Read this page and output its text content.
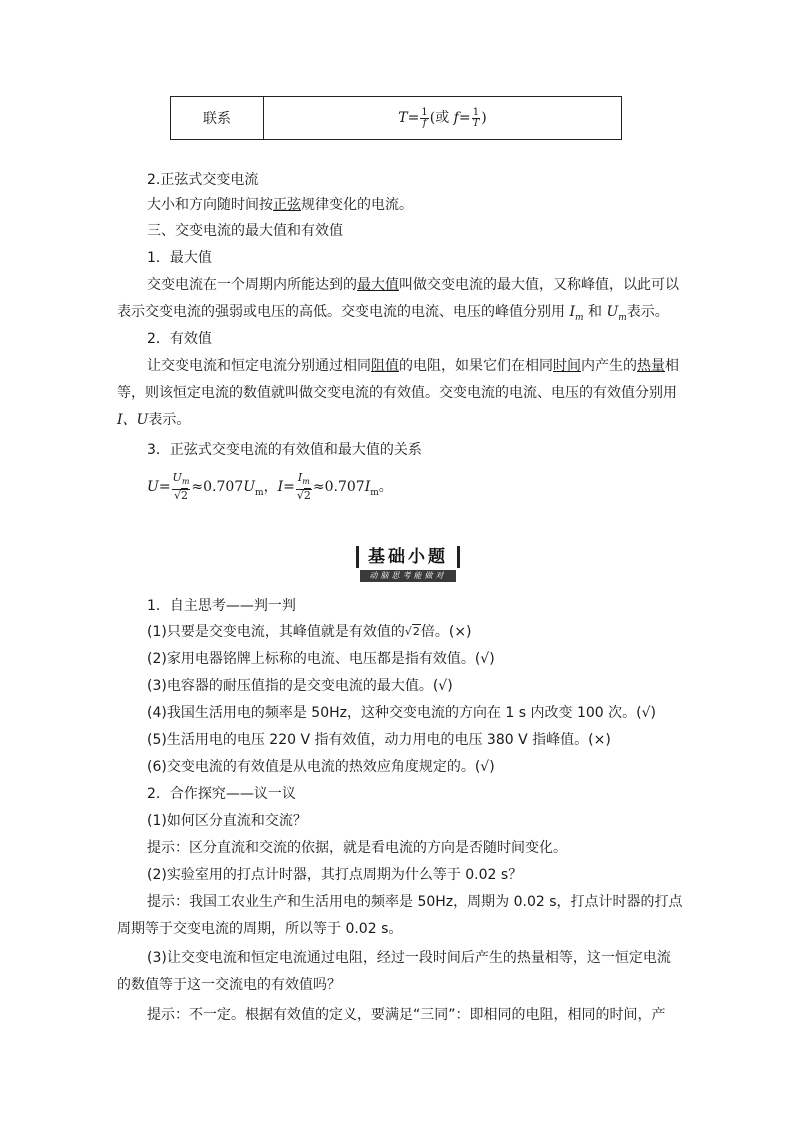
联系	$T= \frac{1}{f}$ (或 $f= \frac{1}{T}$ )
2.正弦式交变电流
大小和方向随时间按正弦规律变化的电流。
三、交变电流的最大值和有效值
1．最大值
交变电流在一个周期内所能达到的最大值叫做交变电流的最大值，又称峰值，以此可以
表示交变电流的强弱或电压的高低。交变电流的电流、电压的峰值分别用 $I_m$ 和 $U_m$表示。
2．有效值
让交变电流和恒定电流分别通过相同阻值的电阻，如果它们在相同时间内产生的热量相
等，则该恒定电流的数值就叫做交变电流的有效值。交变电流的电流、电压的有效值分别用
I、U表示。
3．正弦式交变电流的有效值和最大值的关系
$U= \frac{U_m}{√2} \approx 0.707U_m$，$I= \frac{I_m}{√2} \approx 0.707I_m$。
基础小题
动脑思考能做对
1．自主思考——判一判
(1)只要是交变电流，其峰值就是有效值的√2倍。(×)
(2)家用电器铭牌上标称的电流、电压都是指有效值。(√)
(3)电容器的耐压值指的是交变电流的最大值。(√)
(4)我国生活用电的频率是 50Hz，这种交变电流的方向在 1 s 内改变 100 次。(√)
(5)生活用电的电压 220 V 指有效值，动力用电的电压 380 V 指峰值。(×)
(6)交变电流的有效值是从电流的热效应角度规定的。(√)
2．合作探究——议一议
(1)如何区分直流和交流？
提示：区分直流和交流的依据，就是看电流的方向是否随时间变化。
(2)实验室用的打点计时器，其打点周期为什么等于 0.02 s？
提示：我国工农业生产和生活用电的频率是 50Hz，周期为 0.02 s，打点计时器的打点
周期等于交变电流的周期，所以等于 0.02 s。
(3)让交变电流和恒定电流通过电阻，经过一段时间后产生的热量相等，这一恒定电流
的数值等于这一交流电的有效值吗？
提示：不一定。根据有效值的定义，要满足“三同”：即相同的电阻，相同的时间，产
